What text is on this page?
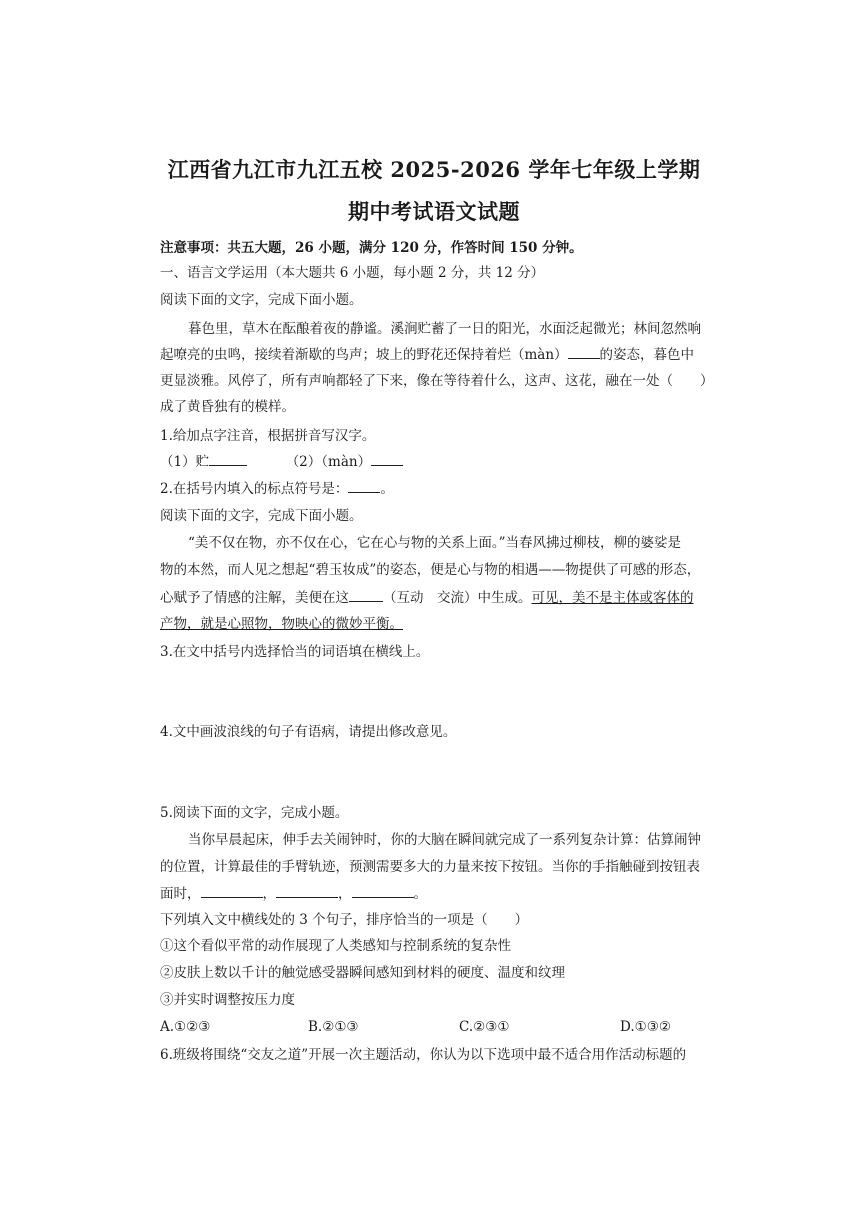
江西省九江市九江五校 2025-2026 学年七年级上学期
期中考试语文试题
注意事项：共五大题，26 小题，满分 120 分，作答时间 150 分钟。
一、语言文学运用（本大题共 6 小题，每小题 2 分，共 12 分）
阅读下面的文字，完成下面小题。
暮色里，草木在酝酿着夜的静谧。溪涧贮蓄了一日的阳光，水面泛起微光；林间忽然响
起嘹亮的虫鸣，接续着渐歇的鸟声；坡上的野花还保持着烂（màn） 的姿态，暮色中
更显淡雅。风停了，所有声响都轻了下来，像在等待着什么，这声、这花，融在一处（　　）
成了黄昏独有的模样。
1.给加点字注音，根据拼音写汉字。
（1）贮	（2）（màn）
2.在括号内填入的标点符号是： 。
阅读下面的文字，完成下面小题。
“美不仅在物，亦不仅在心，它在心与物的关系上面。”当春风拂过柳枝，柳的婆娑是
物的本然，而人见之想起“碧玉妆成”的姿态，便是心与物的相遇——物提供了可感的形态，
心赋予了情感的注解，美便在这	（互动　交流）中生成。可见，美不是主体或客体的
产物，就是心照物，物映心的微妙平衡。
3.在文中括号内选择恰当的词语填在横线上。
4.文中画波浪线的句子有语病，请提出修改意见。
5.阅读下面的文字，完成小题。
当你早晨起床，伸手去关闹钟时，你的大脑在瞬间就完成了一系列复杂计算：估算闹钟
的位置，计算最佳的手臂轨迹，预测需要多大的力量来按下按钮。当你的手指触碰到按钮表
面时，	，	，	。
下列填入文中横线处的 3 个句子，排序恰当的一项是（　　）
①这个看似平常的动作展现了人类感知与控制系统的复杂性
②皮肤上数以千计的触觉感受器瞬间感知到材料的硬度、温度和纹理
③并实时调整按压力度
A.①②③	B.②①③	C.②③①	D.①③②
6.班级将围绕“交友之道”开展一次主题活动，你认为以下选项中最不适合用作活动标题的
